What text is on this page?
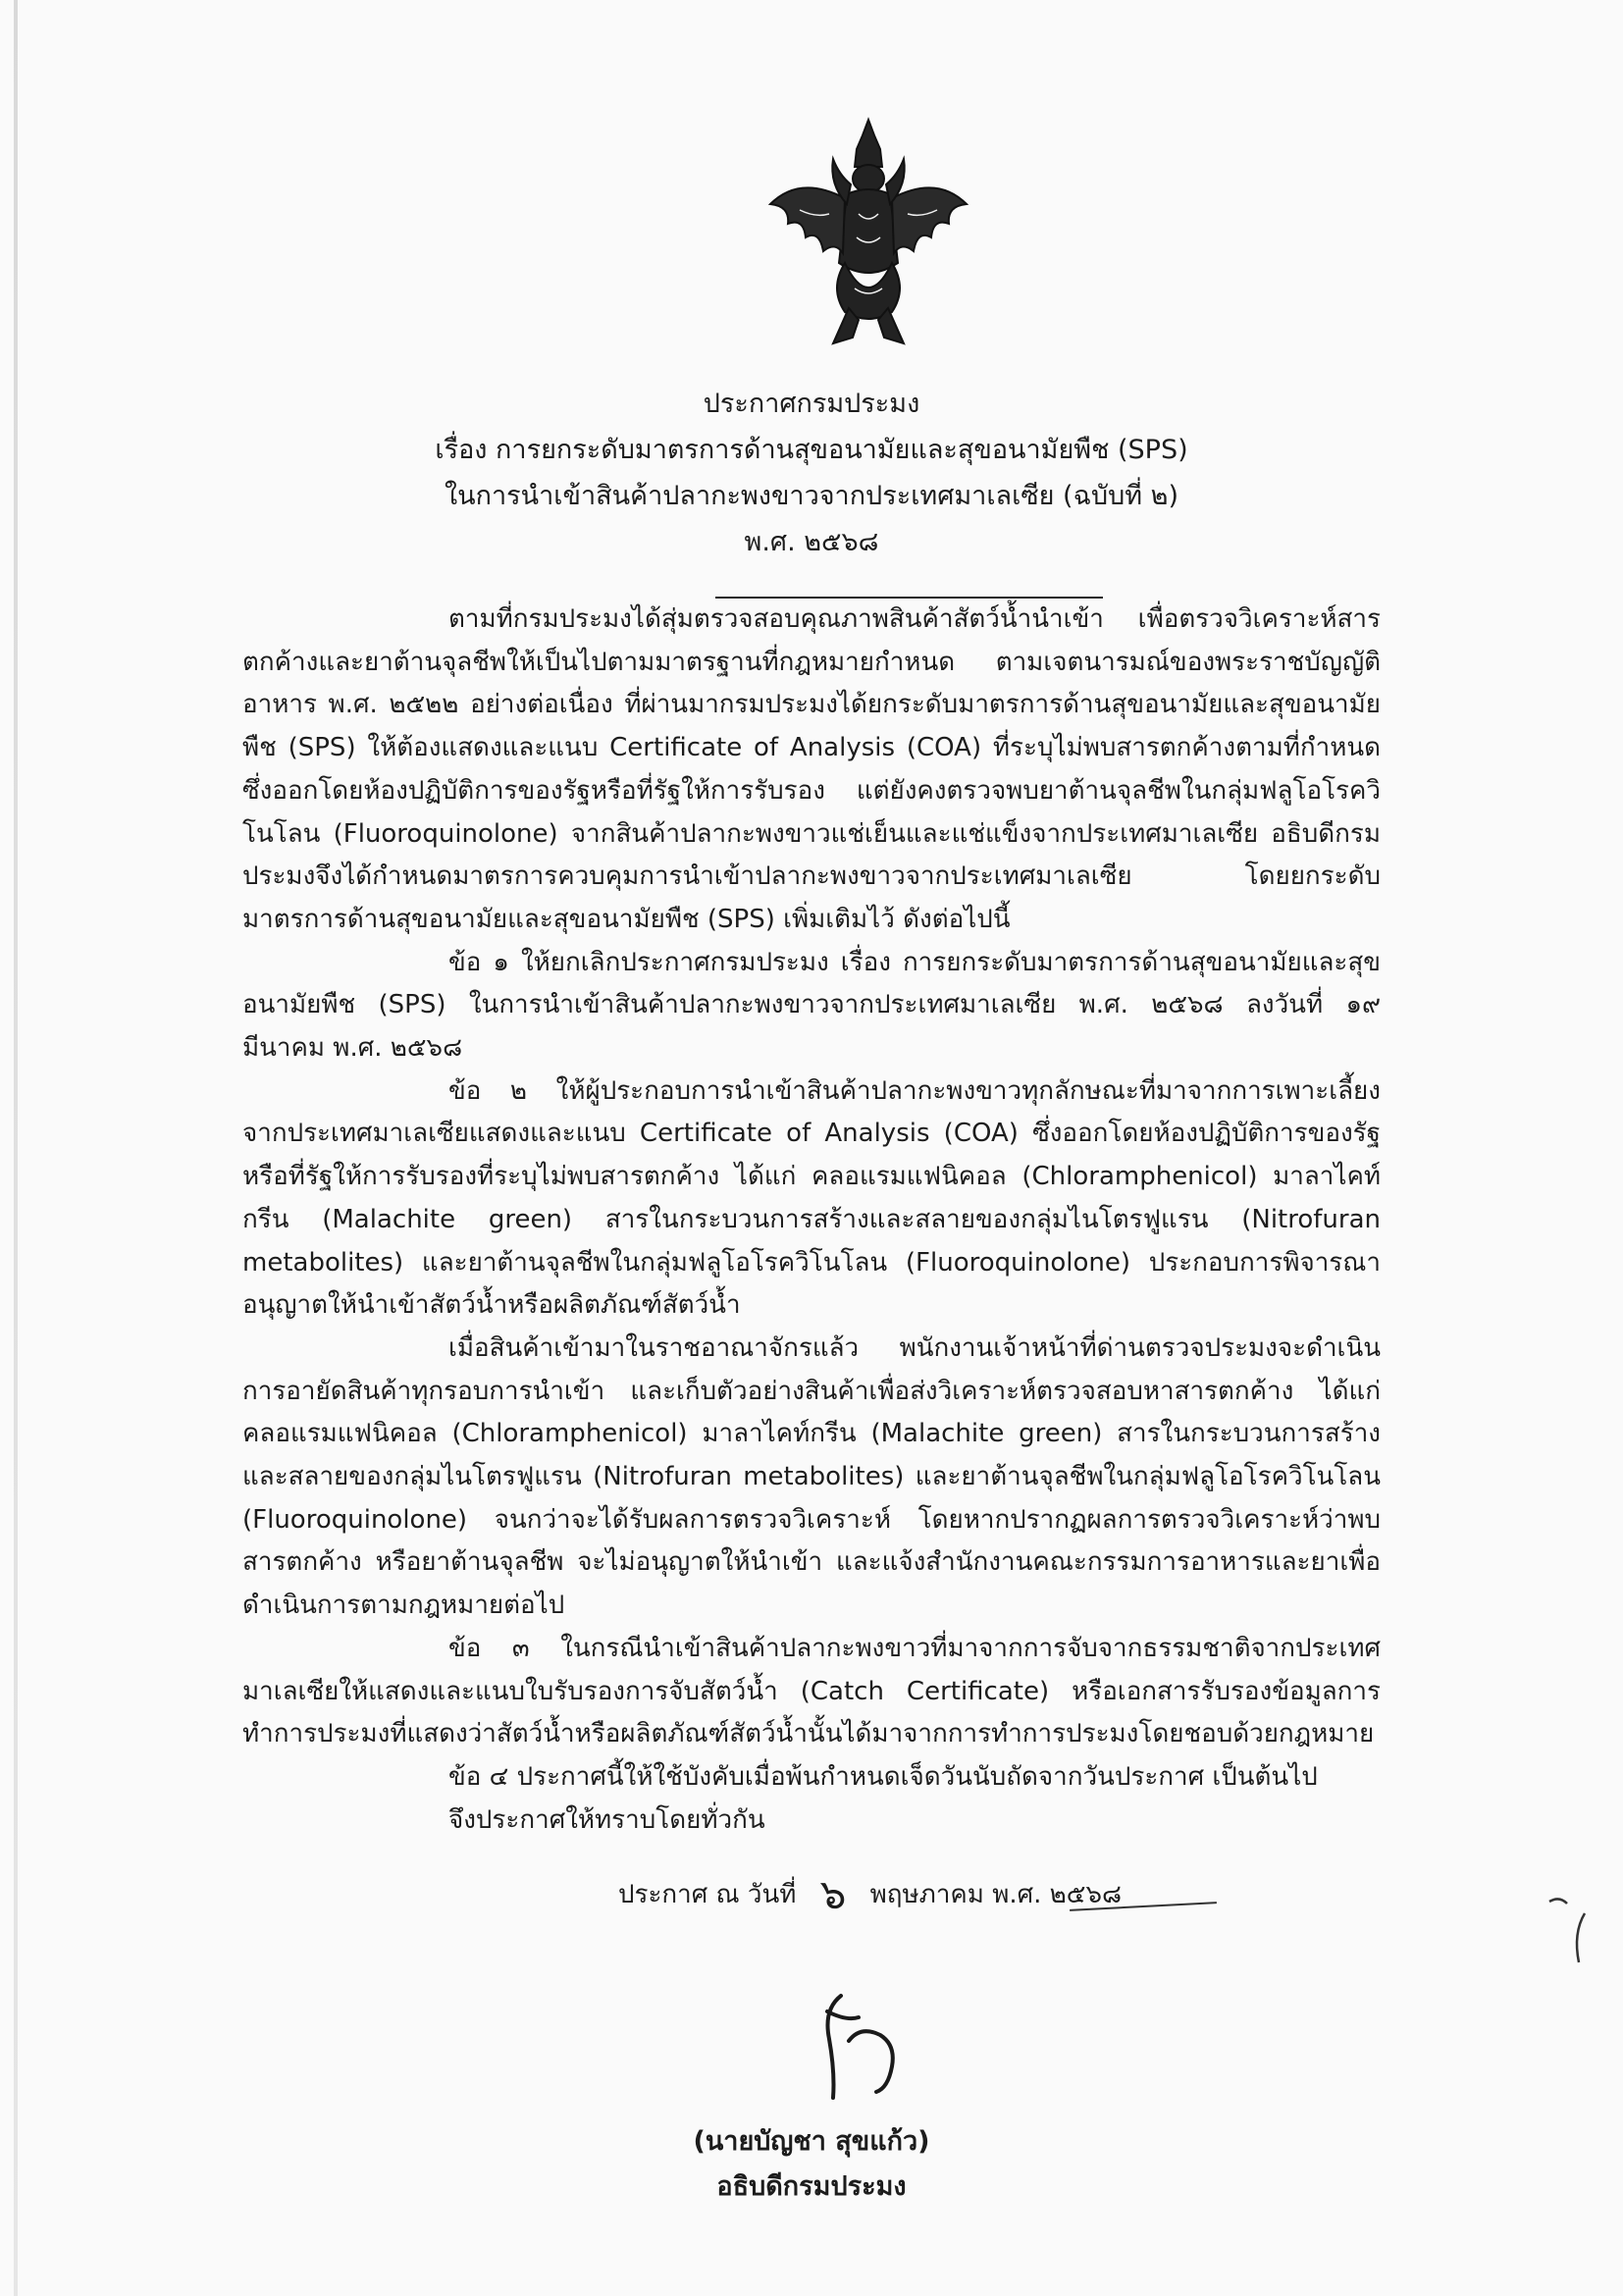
ประกาศกรมประมง
เรื่อง การยกระดับมาตรการด้านสุขอนามัยและสุขอนามัยพืช (SPS)
ในการนำเข้าสินค้าปลากะพงขาวจากประเทศมาเลเซีย (ฉบับที่ ๒)
พ.ศ. ๒๕๖๘

ตามที่กรมประมงได้สุ่มตรวจสอบคุณภาพสินค้าสัตว์น้ำนำเข้า เพื่อตรวจวิเคราะห์สารตกค้างและยาต้านจุลชีพให้เป็นไปตามมาตรฐานที่กฎหมายกำหนด ตามเจตนารมณ์ของพระราชบัญญัติอาหาร พ.ศ. ๒๕๒๒ อย่างต่อเนื่อง ที่ผ่านมากรมประมงได้ยกระดับมาตรการด้านสุขอนามัยและสุขอนามัยพืช (SPS) ให้ต้องแสดงและแนบ Certificate of Analysis (COA) ที่ระบุไม่พบสารตกค้างตามที่กำหนด ซึ่งออกโดยห้องปฏิบัติการของรัฐหรือที่รัฐให้การรับรอง แต่ยังคงตรวจพบยาต้านจุลชีพในกลุ่มฟลูโอโรควิโนโลน (Fluoroquinolone) จากสินค้าปลากะพงขาวแช่เย็นและแช่แข็งจากประเทศมาเลเซีย อธิบดีกรมประมงจึงได้กำหนดมาตรการควบคุมการนำเข้าปลากะพงขาวจากประเทศมาเลเซีย โดยยกระดับมาตรการด้านสุขอนามัยและสุขอนามัยพืช (SPS) เพิ่มเติมไว้ ดังต่อไปนี้

ข้อ ๑ ให้ยกเลิกประกาศกรมประมง เรื่อง การยกระดับมาตรการด้านสุขอนามัยและสุขอนามัยพืช (SPS) ในการนำเข้าสินค้าปลากะพงขาวจากประเทศมาเลเซีย พ.ศ. ๒๕๖๘ ลงวันที่ ๑๙ มีนาคม พ.ศ. ๒๕๖๘

ข้อ ๒ ให้ผู้ประกอบการนำเข้าสินค้าปลากะพงขาวทุกลักษณะที่มาจากการเพาะเลี้ยงจากประเทศมาเลเซียแสดงและแนบ Certificate of Analysis (COA) ซึ่งออกโดยห้องปฏิบัติการของรัฐหรือที่รัฐให้การรับรองที่ระบุไม่พบสารตกค้าง ได้แก่ คลอแรมแฟนิคอล (Chloramphenicol) มาลาไคท์กรีน (Malachite green) สารในกระบวนการสร้างและสลายของกลุ่มไนโตรฟูแรน (Nitrofuran metabolites) และยาต้านจุลชีพในกลุ่มฟลูโอโรควิโนโลน (Fluoroquinolone) ประกอบการพิจารณาอนุญาตให้นำเข้าสัตว์น้ำหรือผลิตภัณฑ์สัตว์น้ำ

เมื่อสินค้าเข้ามาในราชอาณาจักรแล้ว พนักงานเจ้าหน้าที่ด่านตรวจประมงจะดำเนินการอายัดสินค้าทุกรอบการนำเข้า และเก็บตัวอย่างสินค้าเพื่อส่งวิเคราะห์ตรวจสอบหาสารตกค้าง ได้แก่ คลอแรมแฟนิคอล (Chloramphenicol) มาลาไคท์กรีน (Malachite green) สารในกระบวนการสร้างและสลายของกลุ่มไนโตรฟูแรน (Nitrofuran metabolites) และยาต้านจุลชีพในกลุ่มฟลูโอโรควิโนโลน (Fluoroquinolone) จนกว่าจะได้รับผลการตรวจวิเคราะห์ โดยหากปรากฏผลการตรวจวิเคราะห์ว่าพบสารตกค้าง หรือยาต้านจุลชีพ จะไม่อนุญาตให้นำเข้า และแจ้งสำนักงานคณะกรรมการอาหารและยาเพื่อดำเนินการตามกฎหมายต่อไป

ข้อ ๓ ในกรณีนำเข้าสินค้าปลากะพงขาวที่มาจากการจับจากธรรมชาติจากประเทศมาเลเซียให้แสดงและแนบใบรับรองการจับสัตว์น้ำ (Catch Certificate) หรือเอกสารรับรองข้อมูลการทำการประมงที่แสดงว่าสัตว์น้ำหรือผลิตภัณฑ์สัตว์น้ำนั้นได้มาจากการทำการประมงโดยชอบด้วยกฎหมาย

ข้อ ๔ ประกาศนี้ให้ใช้บังคับเมื่อพ้นกำหนดเจ็ดวันนับถัดจากวันประกาศ เป็นต้นไป

จึงประกาศให้ทราบโดยทั่วกัน

ประกาศ ณ วันที่ ๖ พฤษภาคม พ.ศ. ๒๕๖๘
(นายบัญชา สุขแก้ว)
อธิบดีกรมประมง
